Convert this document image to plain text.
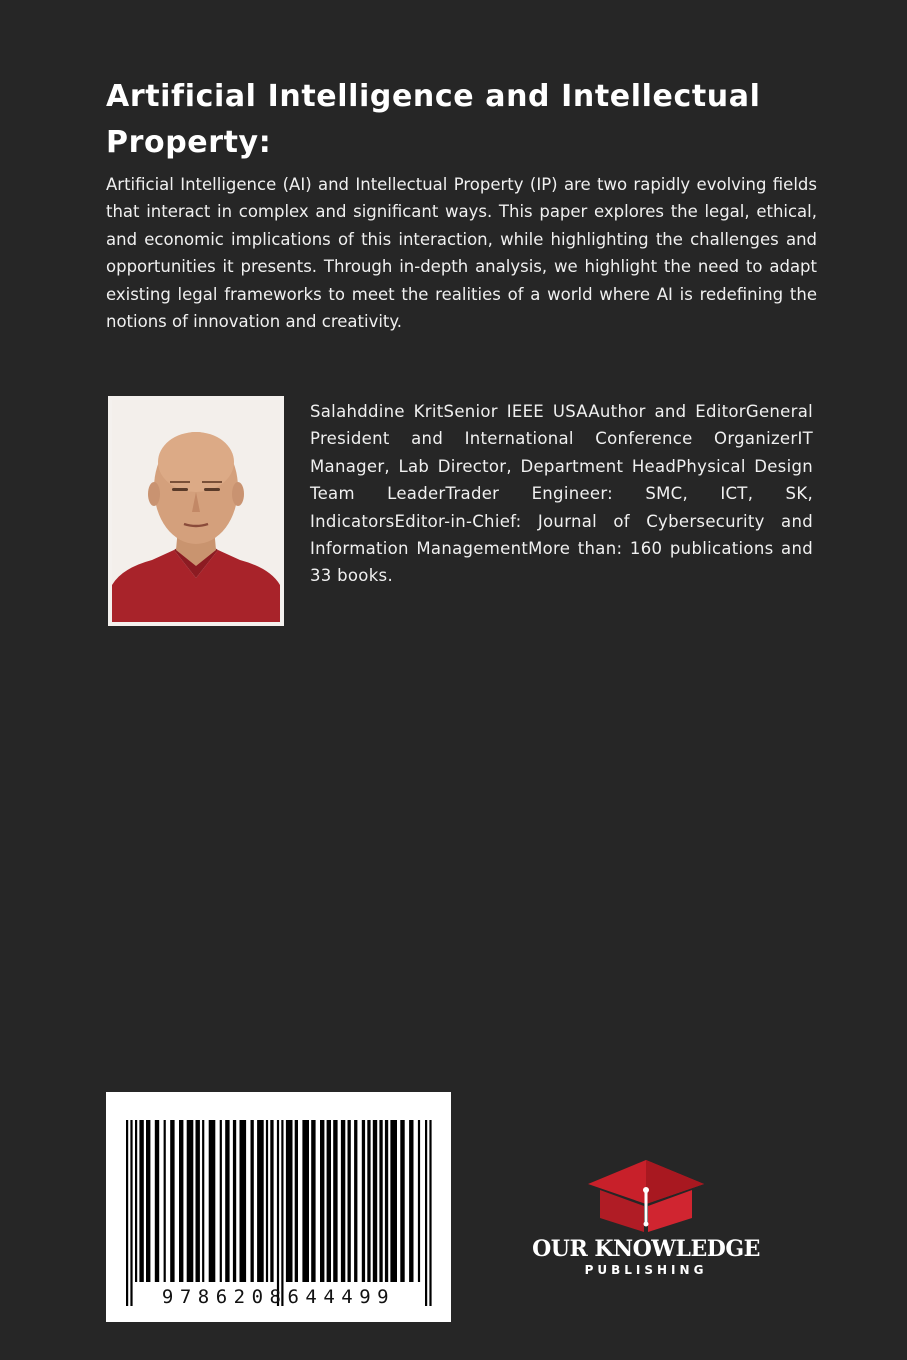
Artificial Intelligence and Intellectual Property:

Artificial Intelligence (AI) and Intellectual Property (IP) are two rapidly evolving fields that interact in complex and significant ways. This paper explores the legal, ethical, and economic implications of this interaction, while highlighting the challenges and opportunities it presents. Through in-depth analysis, we highlight the need to adapt existing legal frameworks to meet the realities of a world where AI is redefining the notions of innovation and creativity.

Salahddine KritSenior IEEE USAAuthor and EditorGeneral President and International Conference OrganizerIT Manager, Lab Director, Department HeadPhysical Design Team LeaderTrader Engineer: SMC, ICT, SK, IndicatorsEditor-in-Chief: Journal of Cybersecurity and Information ManagementMore than: 160 publications and 33 books.

9786208644499
OUR KNOWLEDGE
PUBLISHING
